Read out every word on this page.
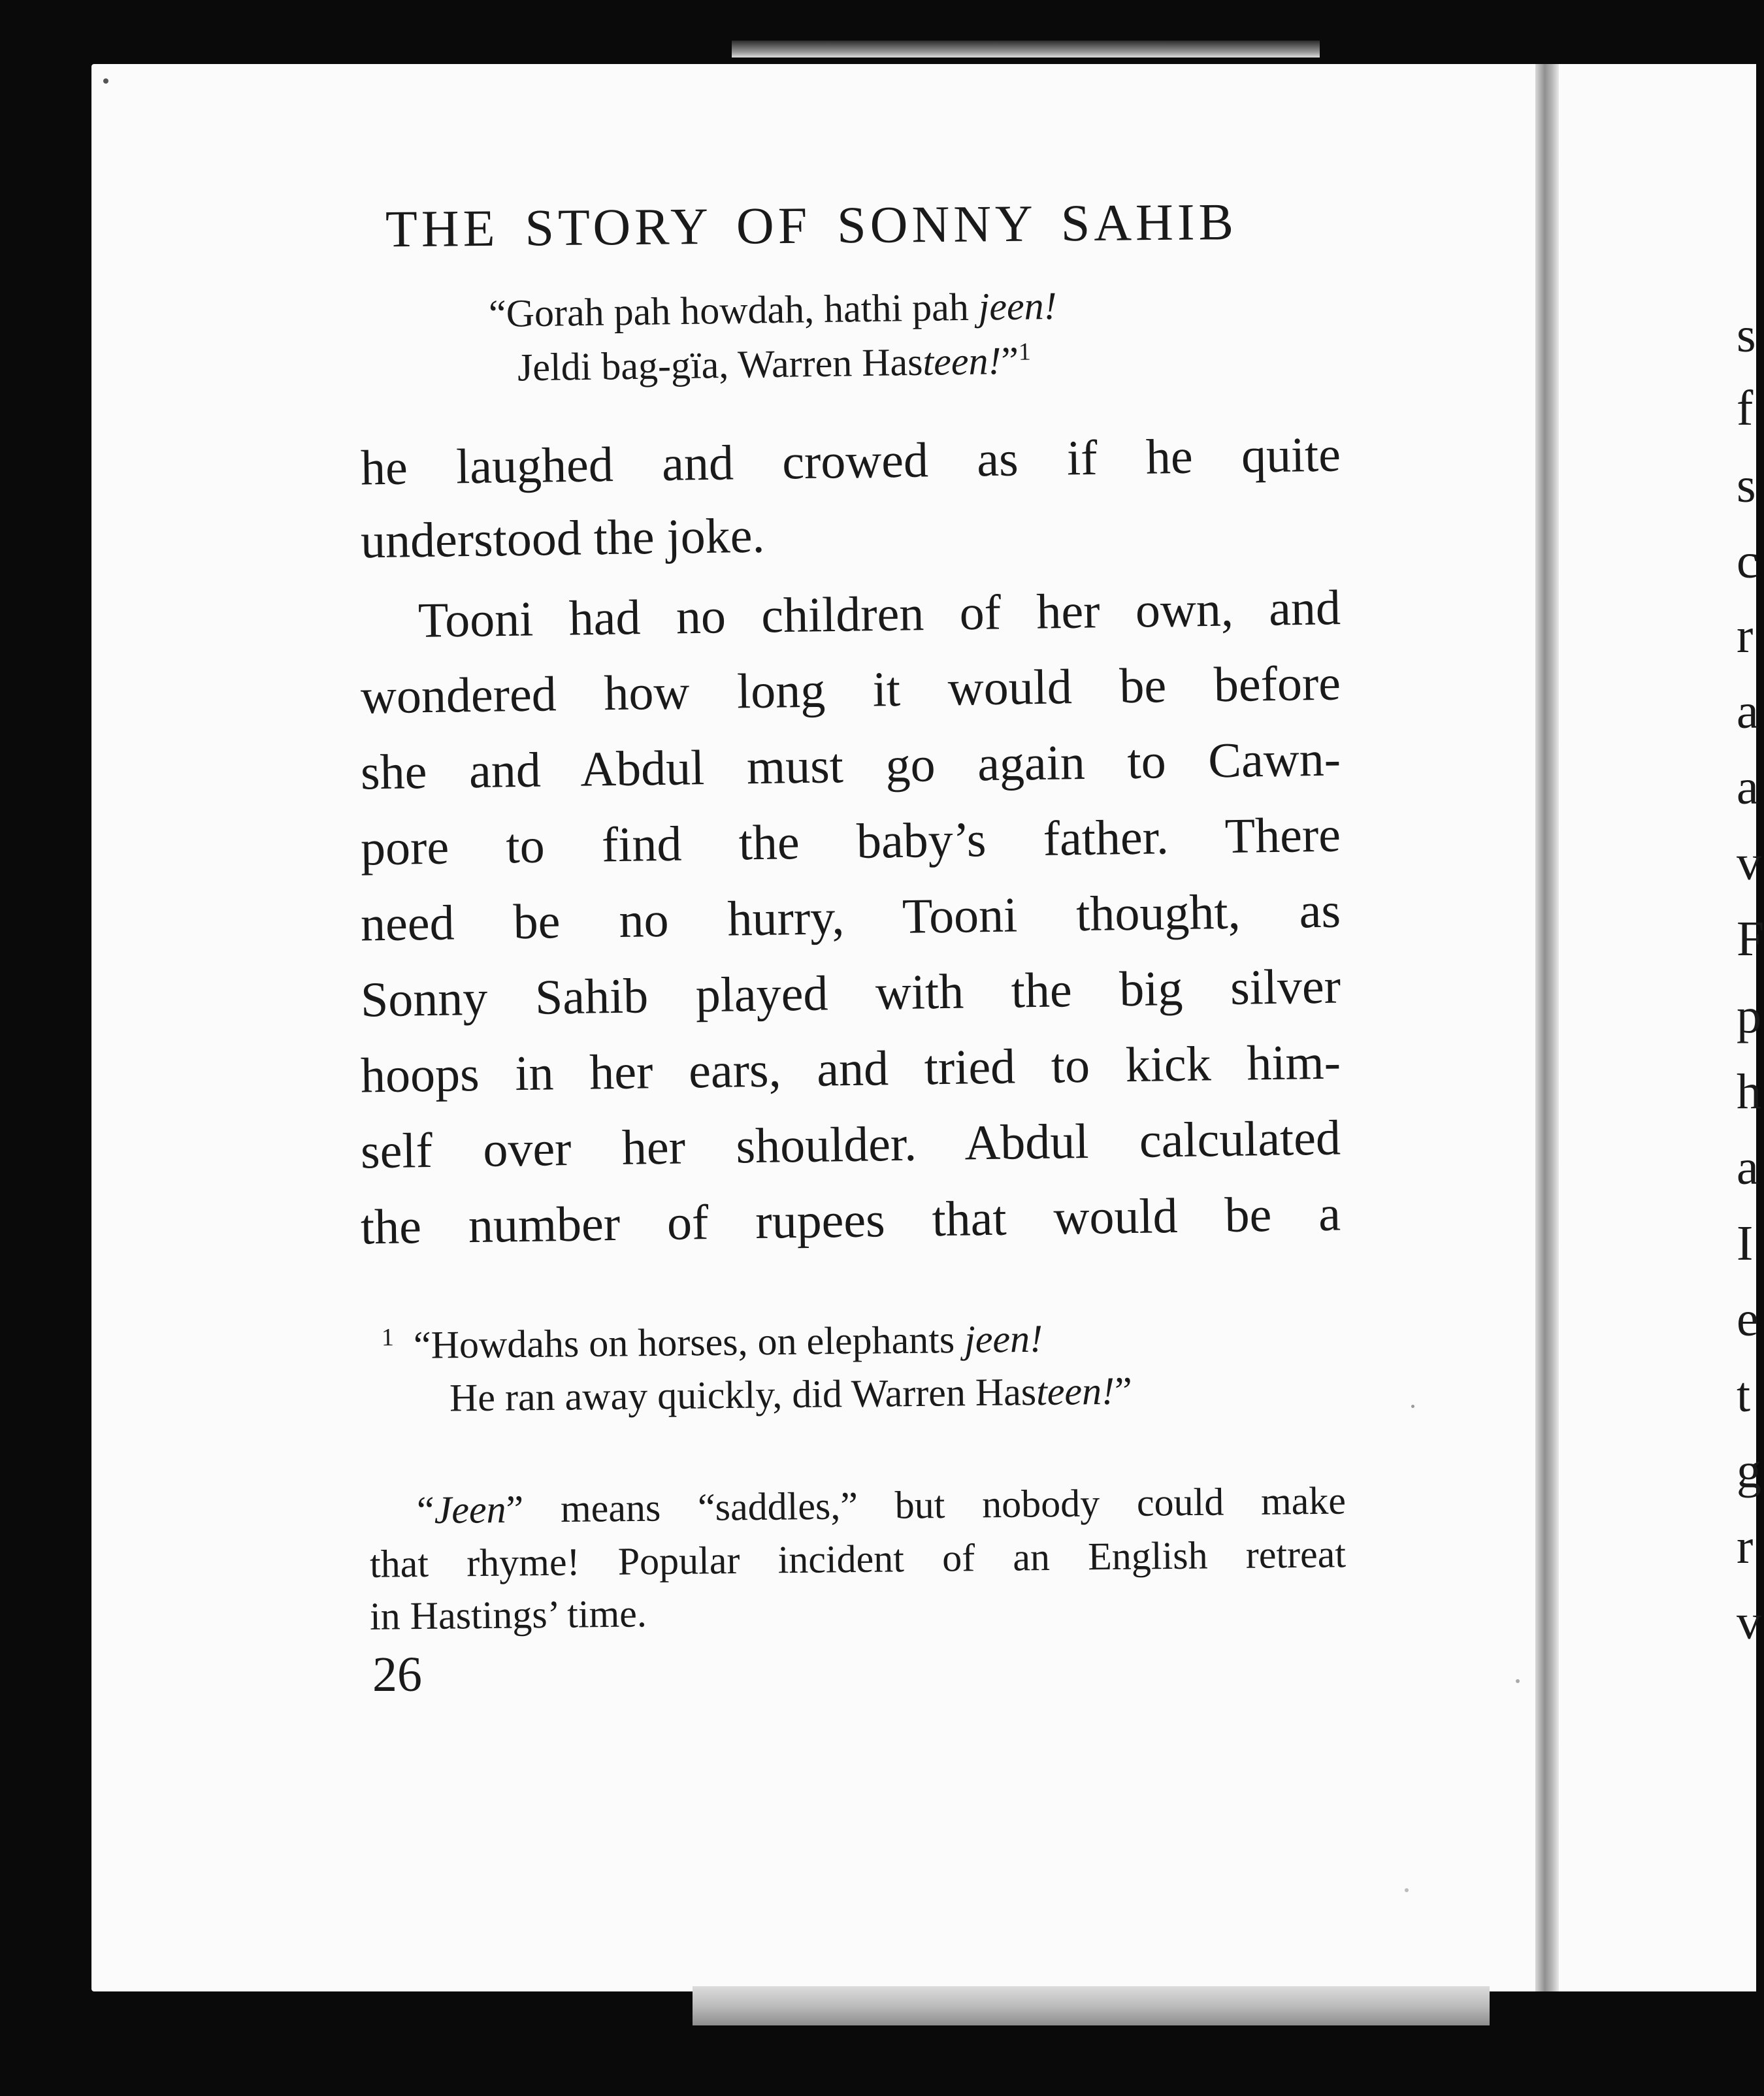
THE STORY OF SONNY SAHIB
“Gorah pah howdah, hathi pah jeen!
Jeldi bag-gïa, Warren Hasteen!”$^1$
he laughed and crowed as if he quite
understood the joke.
Tooni had no children of her own, and
wondered how long it would be before
she and Abdul must go again to Cawn-
pore to find the baby’s father. There
need be no hurry, Tooni thought, as
Sonny Sahib played with the big silver
hoops in her ears, and tried to kick him-
self over her shoulder. Abdul calculated
the number of rupees that would be a
$^1$ “Howdahs on horses, on elephants jeen!
He ran away quickly, did Warren Hasteen!”
“Jeen” means “saddles,” but nobody could make
that rhyme! Popular incident of an English retreat
in Hastings’ time.
26
s
f
s
c
r
a
a
v
F
p
h
a
I
e
t
g
r
v
